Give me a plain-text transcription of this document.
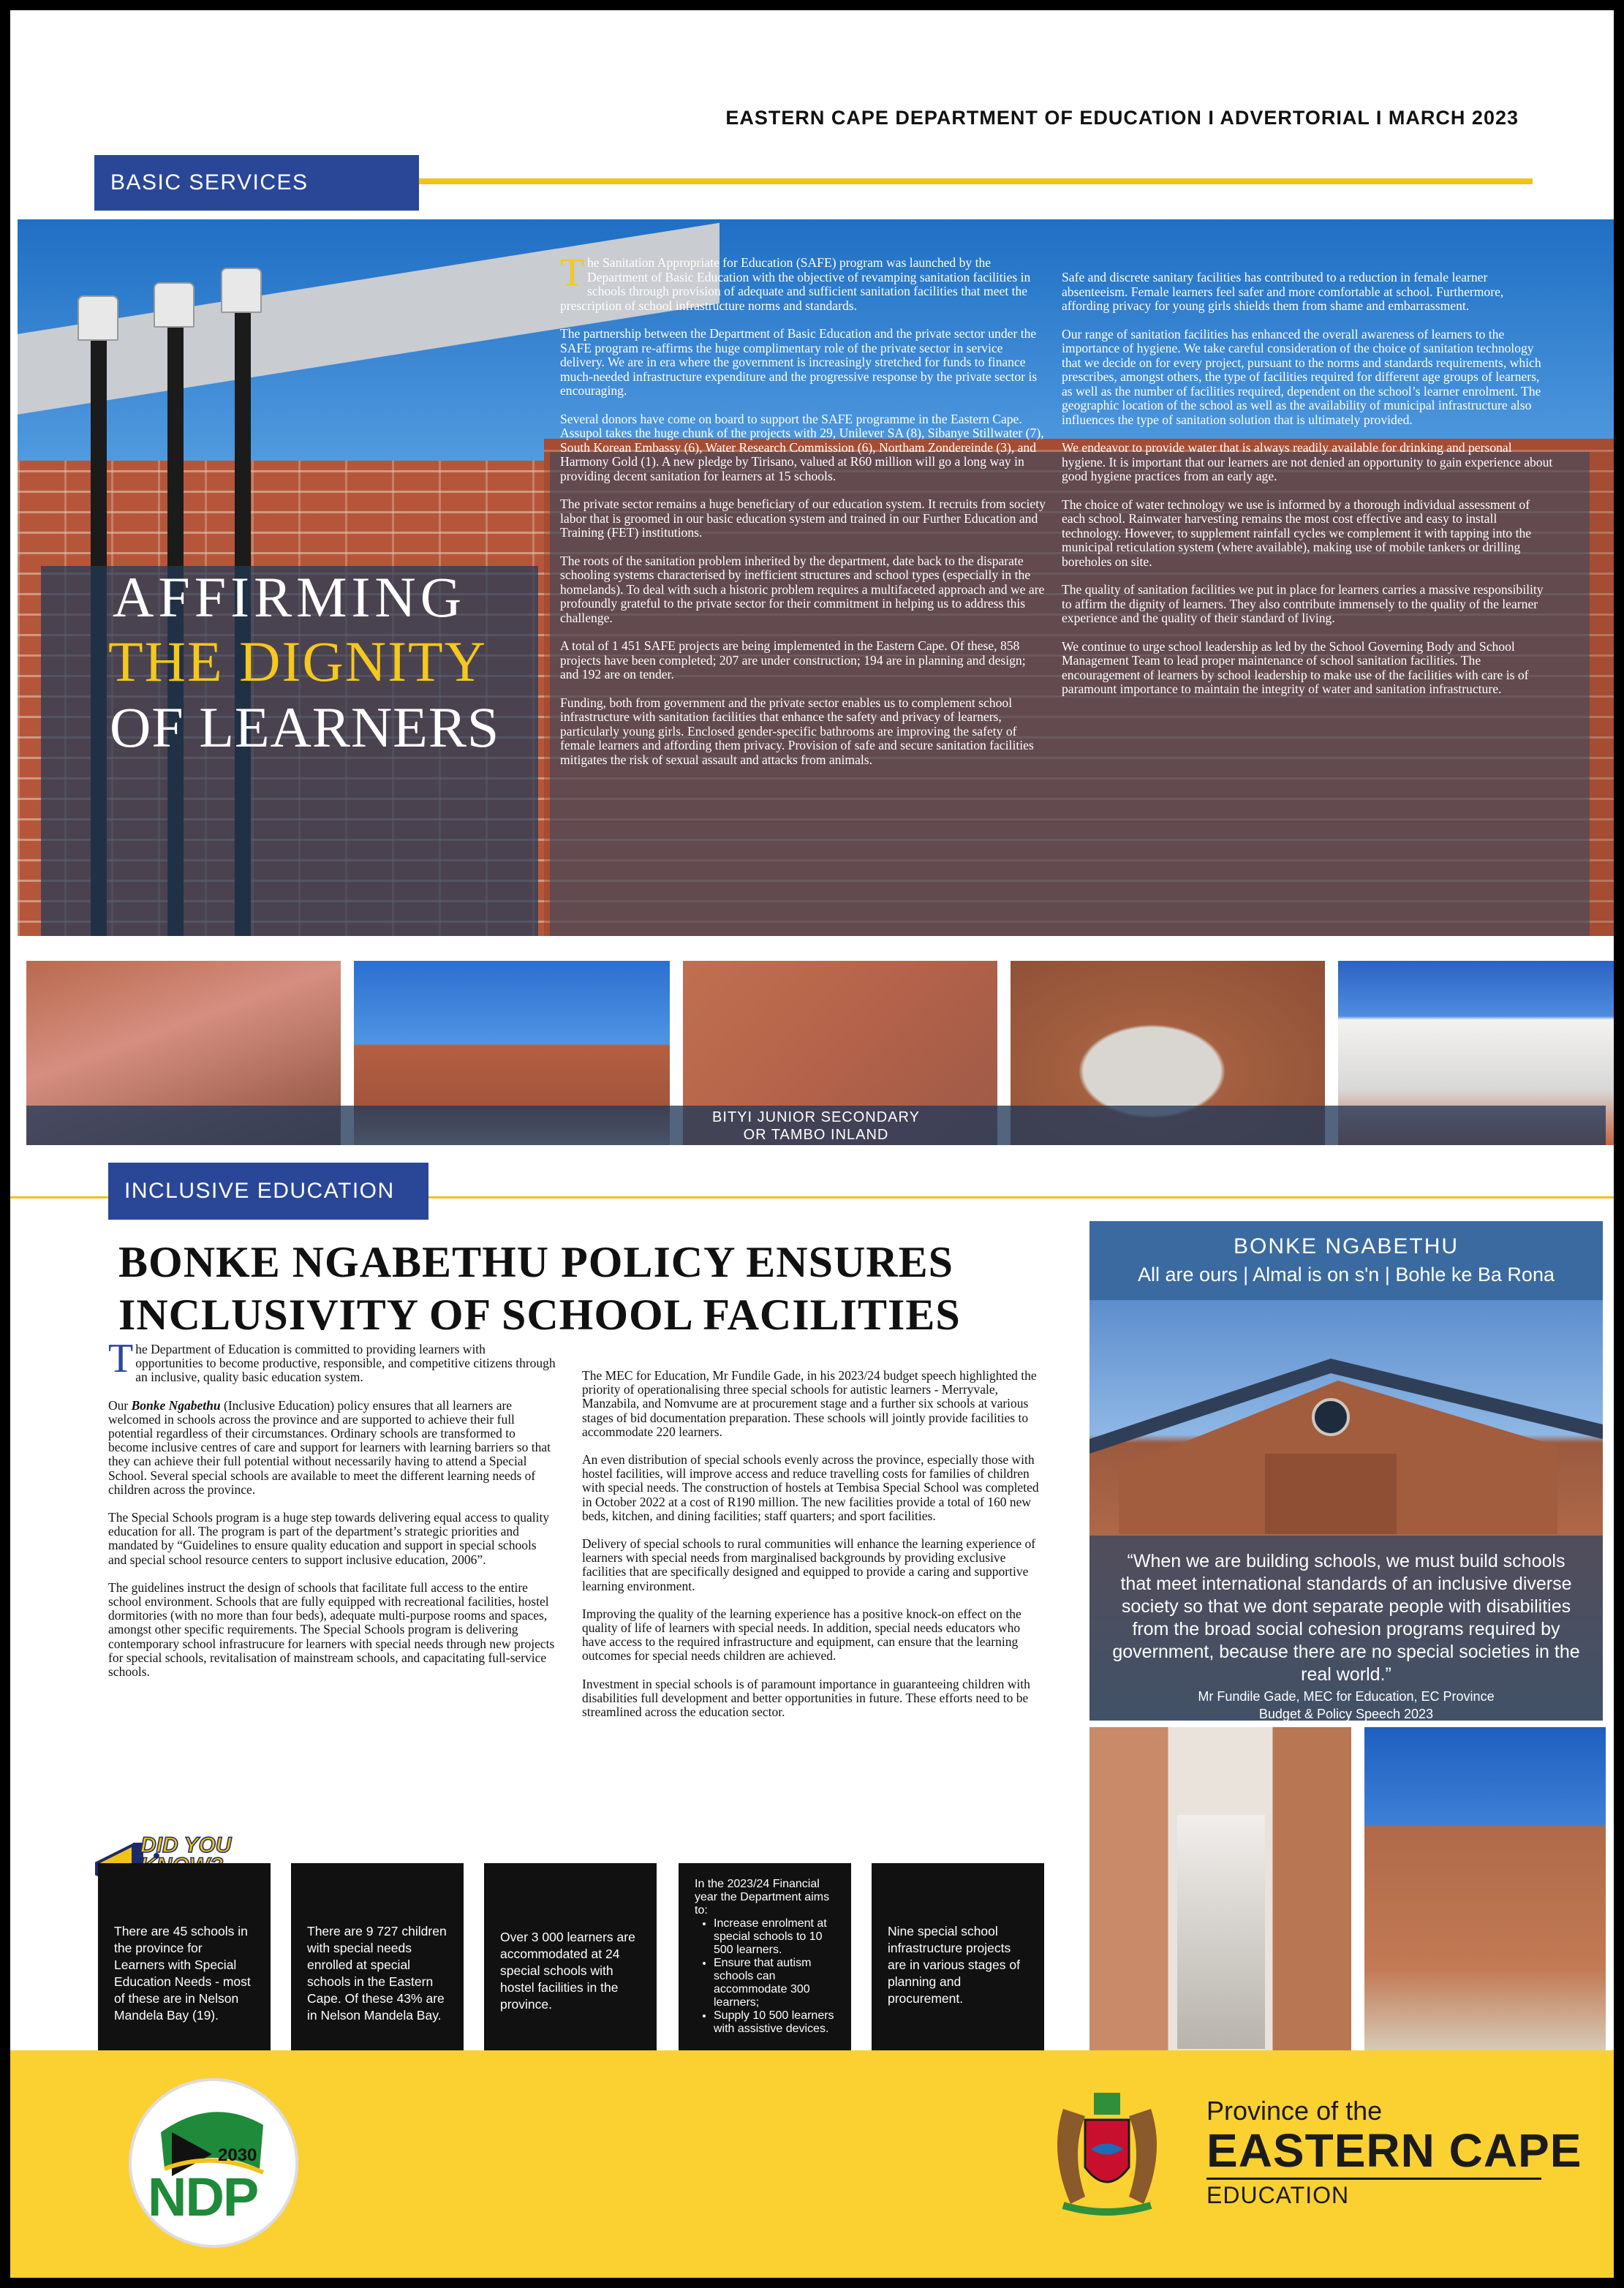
EASTERN CAPE DEPARTMENT OF EDUCATION I ADVERTORIAL I MARCH 2023
BASIC SERVICES
AFFIRMING
THE DIGNITY
OF LEARNERS

The Sanitation Appropriate for Education (SAFE) program was launched by the Department of Basic Education with the objective of revamping sanitation facilities in schools through provision of adequate and sufficient sanitation facilities that meet the prescription of school infrastructure norms and standards.

The partnership between the Department of Basic Education and the private sector under the SAFE program re-affirms the huge complimentary role of the private sector in service delivery. We are in era where the government is increasingly stretched for funds to finance much-needed infrastructure expenditure and the progressive response by the private sector is encouraging.

Several donors have come on board to support the SAFE programme in the Eastern Cape. Assupol takes the huge chunk of the projects with 29, Unilever SA (8), Sibanye Stillwater (7), South Korean Embassy (6), Water Research Commission (6), Northam Zondereinde (3), and Harmony Gold (1). A new pledge by Tirisano, valued at R60 million will go a long way in providing decent sanitation for learners at 15 schools.

The private sector remains a huge beneficiary of our education system. It recruits from society labor that is groomed in our basic education system and trained in our Further Education and Training (FET) institutions.

The roots of the sanitation problem inherited by the department, date back to the disparate schooling systems characterised by inefficient structures and school types (especially in the homelands). To deal with such a historic problem requires a multifaceted approach and we are profoundly grateful to the private sector for their commitment in helping us to address this challenge.

A total of 1 451 SAFE projects are being implemented in the Eastern Cape. Of these, 858 projects have been completed; 207 are under construction; 194 are in planning and design; and 192 are on tender.

Funding, both from government and the private sector enables us to complement school infrastructure with sanitation facilities that enhance the safety and privacy of learners, particularly young girls. Enclosed gender-specific bathrooms are improving the safety of female learners and affording them privacy. Provision of safe and secure sanitation facilities mitigates the risk of sexual assault and attacks from animals.

Safe and discrete sanitary facilities has contributed to a reduction in female learner absenteeism. Female learners feel safer and more comfortable at school. Furthermore, affording privacy for young girls shields them from shame and embarrassment.

Our range of sanitation facilities has enhanced the overall awareness of learners to the importance of hygiene. We take careful consideration of the choice of sanitation technology that we decide on for every project, pursuant to the norms and standards requirements, which prescribes, amongst others, the type of facilities required for different age groups of learners, as well as the number of facilities required, dependent on the school’s learner enrolment. The geographic location of the school as well as the availability of municipal infrastructure also influences the type of sanitation solution that is ultimately provided.

We endeavor to provide water that is always readily available for drinking and personal hygiene. It is important that our learners are not denied an opportunity to gain experience about good hygiene practices from an early age.

The choice of water technology we use is informed by a thorough individual assessment of each school. Rainwater harvesting remains the most cost effective and easy to install technology. However, to supplement rainfall cycles we complement it with tapping into the municipal reticulation system (where available), making use of mobile tankers or drilling boreholes on site.

The quality of sanitation facilities we put in place for learners carries a massive responsibility to affirm the dignity of learners. They also contribute immensely to the quality of the learner experience and the quality of their standard of living.

We continue to urge school leadership as led by the School Governing Body and School Management Team to lead proper maintenance of school sanitation facilities. The encouragement of learners by school leadership to make use of the facilities with care is of paramount importance to maintain the integrity of water and sanitation infrastructure.

BITYI JUNIOR SECONDARY
OR TAMBO INLAND
INCLUSIVE EDUCATION
BONKE NGABETHU POLICY ENSURES
INCLUSIVITY OF SCHOOL FACILITIES

The Department of Education is committed to providing learners with opportunities to become productive, responsible, and competitive citizens through an inclusive, quality basic education system.

Our Bonke Ngabethu (Inclusive Education) policy ensures that all learners are welcomed in schools across the province and are supported to achieve their full potential regardless of their circumstances. Ordinary schools are transformed to become inclusive centres of care and support for learners with learning barriers so that they can achieve their full potential without necessarily having to attend a Special School. Several special schools are available to meet the different learning needs of children across the province.

The Special Schools program is a huge step towards delivering equal access to quality education for all. The program is part of the department’s strategic priorities and mandated by “Guidelines to ensure quality education and support in special schools and special school resource centers to support inclusive education, 2006”.

The guidelines instruct the design of schools that facilitate full access to the entire school environment. Schools that are fully equipped with recreational facilities, hostel dormitories (with no more than four beds), adequate multi-purpose rooms and spaces, amongst other specific requirements. The Special Schools program is delivering contemporary school infrastrucure for learners with special needs through new projects for special schools, revitalisation of mainstream schools, and capacitating full-service schools.

The MEC for Education, Mr Fundile Gade, in his 2023/24 budget speech highlighted the priority of operationalising three special schools for autistic learners - Merryvale, Manzabila, and Nomvume are at procurement stage and a further six schools at various stages of bid documentation preparation. These schools will jointly provide facilities to accommodate 220 learners.

An even distribution of special schools evenly across the province, especially those with hostel facilities, will improve access and reduce travelling costs for families of children with special needs. The construction of hostels at Tembisa Special School was completed in October 2022 at a cost of R190 million. The new facilities provide a total of 160 new beds, kitchen, and dining facilities; staff quarters; and sport facilities.

Delivery of special schools to rural communities will enhance the learning experience of learners with special needs from marginalised backgrounds by providing exclusive facilities that are specifically designed and equipped to provide a caring and supportive learning environment.

Improving the quality of the learning experience has a positive knock-on effect on the quality of life of learners with special needs. In addition, special needs educators who have access to the required infrastructure and equipment, can ensure that the learning outcomes for special needs children are achieved.

Investment in special schools is of paramount importance in guaranteeing children with disabilities full development and better opportunities in future. These efforts need to be streamlined across the education sector.

DID YOU
There are 45 schools in the province for Learners with Special Education Needs - most of these are in Nelson Mandela Bay (19).
There are 9 727 children with special needs enrolled at special schools in the Eastern Cape. Of these 43% are in Nelson Mandela Bay.
Over 3 000 learners are accommodated at 24 special schools with hostel facilities in the province.
In the 2023/24 Financial year the Department aims to:
• Increase enrolment at special schools to 10 500 learners.
• Ensure that autism schools can accommodate 300 learners;
• Supply 10 500 learners with assistive devices.
Nine special school infrastructure projects are in various stages of planning and procurement.
BONKE NGABETHU
All are ours | Almal is on s'n | Bohle ke Ba Rona
“When we are building schools, we must build schools that meet international standards of an inclusive diverse society so that we dont separate people with disabilities from the broad social cohesion programs required by government, because there are no special societies in the real world.”
Mr Fundile Gade, MEC for Education, EC Province
Budget & Policy Speech 2023
2030
NDP
Province of the
EASTERN CAPE
EDUCATION
